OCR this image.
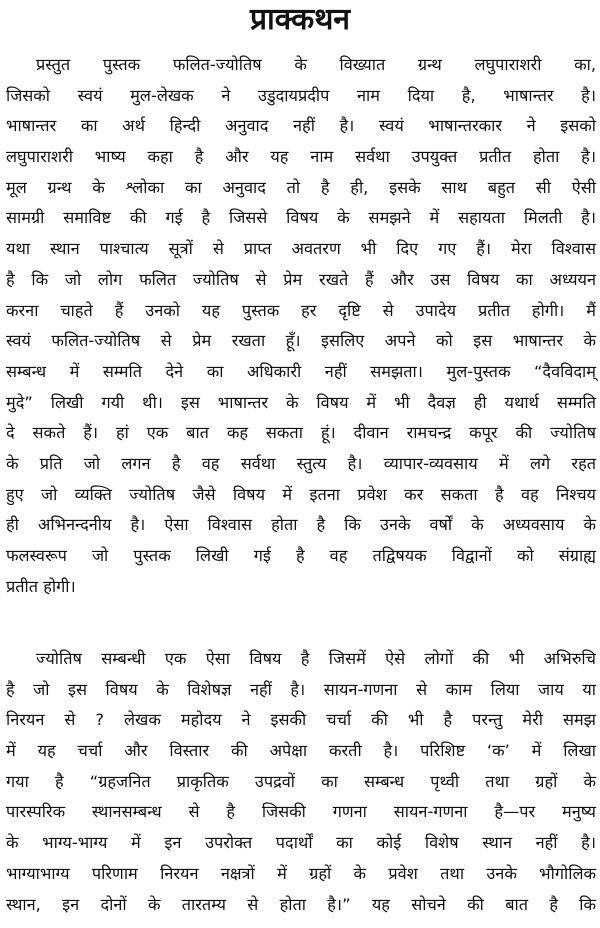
प्राक्कथन
प्रस्तुत पुस्तक फलित-ज्योतिष के विख्यात ग्रन्थ लघुपाराशरी का,
जिसको स्वयं मुल-लेखक ने उडुदायप्रदीप नाम दिया है, भाषान्तर है।
भाषान्तर का अर्थ हिन्दी अनुवाद नहीं है। स्वयं भाषान्तरकार ने इसको
लघुपाराशरी भाष्य कहा है और यह नाम सर्वथा उपयुक्त प्रतीत होता है।
मूल ग्रन्थ के श्लोका का अनुवाद तो है ही, इसके साथ बहुत सी ऐसी
सामग्री समाविष्ट की गई है जिससे विषय के समझने में सहायता मिलती है।
यथा स्थान पाश्चात्य सूत्रों से प्राप्त अवतरण भी दिए गए हैं। मेरा विश्वास
है कि जो लोग फलित ज्योतिष से प्रेम रखते हैं और उस विषय का अध्ययन
करना चाहते हैं उनको यह पुस्तक हर दृष्टि से उपादेय प्रतीत होगी। मैं
स्वयं फलित-ज्योतिष से प्रेम रखता हूँ। इसलिए अपने को इस भाषान्तर के
सम्बन्ध में सम्मति देने का अधिकारी नहीं समझता। मुल-पुस्तक “दैवविदाम्
मुदे” लिखी गयी थी। इस भाषान्तर के विषय में भी दैवज्ञ ही यथार्थ सम्मति
दे सकते हैं। हां एक बात कह सकता हूं। दीवान रामचन्द्र कपूर की ज्योतिष
के प्रति जो लगन है वह सर्वथा स्तुत्य है। व्यापार-व्यवसाय में लगे रहत
हुए जो व्यक्ति ज्योतिष जैसे विषय में इतना प्रवेश कर सकता है वह निश्चय
ही अभिनन्दनीय है। ऐसा विश्वास होता है कि उनके वर्षों के अध्यवसाय के
फलस्वरूप जो पुस्तक लिखी गई है वह तद्विषयक विद्वानों को संग्राह्य
प्रतीत होगी।
ज्योतिष सम्बन्धी एक ऐसा विषय है जिसमें ऐसे लोगों की भी अभिरुचि
है जो इस विषय के विशेषज्ञ नहीं है। सायन-गणना से काम लिया जाय या
निरयन से ? लेखक महोदय ने इसकी चर्चा की भी है परन्तु मेरी समझ
में यह चर्चा और विस्तार की अपेक्षा करती है। परिशिष्ट ‘क’ में लिखा
गया है “ग्रहजनित प्राकृतिक उपद्रवों का सम्बन्ध पृथ्वी तथा ग्रहों के
पारस्परिक स्थानसम्बन्ध से है जिसकी गणना सायन-गणना है—पर मनुष्य
के भाग्य-भाग्य में इन उपरोक्त पदार्थों का कोई विशेष स्थान नहीं है।
भाग्याभाग्य परिणाम निरयन नक्षत्रों में ग्रहों के प्रवेश तथा उनके भौगोलिक
स्थान, इन दोनों के तारतम्य से होता है।” यह सोचने की बात है कि
